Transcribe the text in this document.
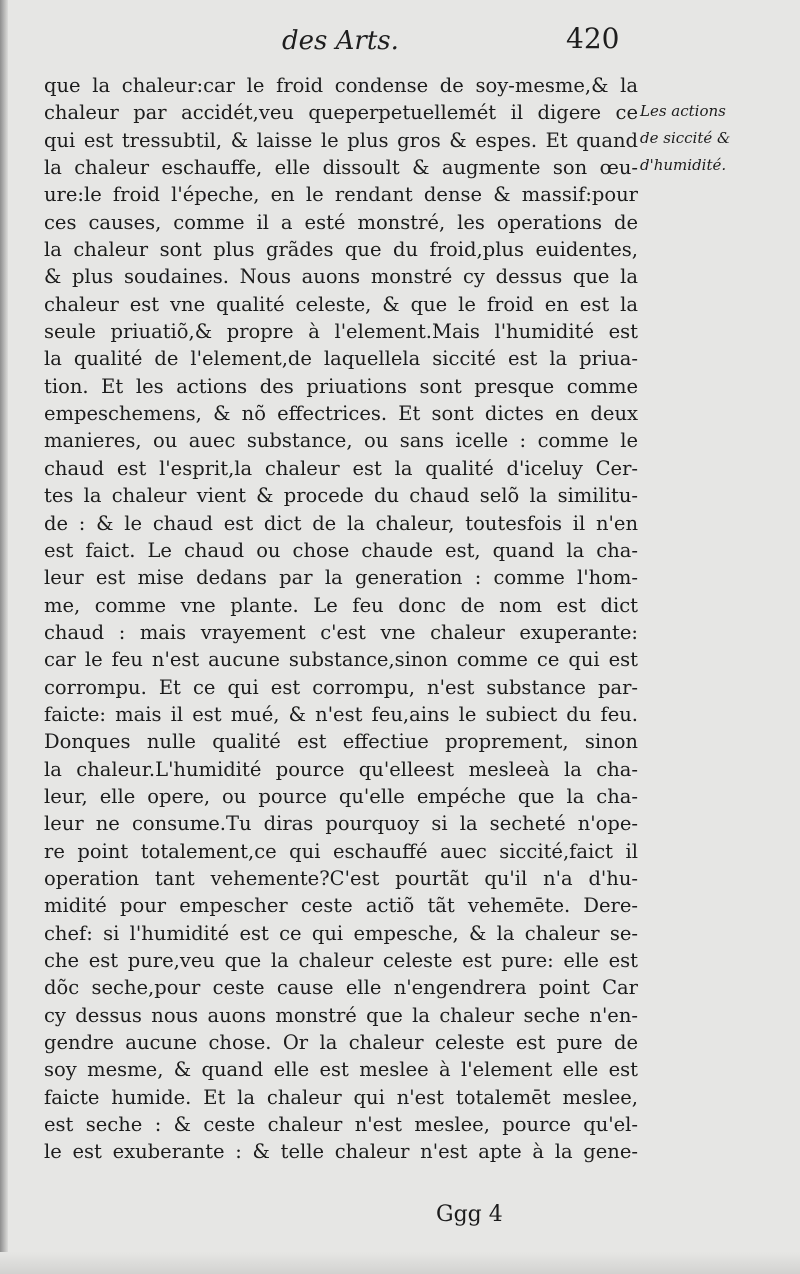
des Arts.	420
Les actions
de siccité &
d'humidité.
que la chaleur:car le froid condense de soy-mesme,& la
chaleur par accidét,veu queperpetuellemét il digere ce
qui est tressubtil, & laisse le plus gros & espes. Et quand
la chaleur eschauffe, elle dissoult & augmente son œu-
ure:le froid l'épeche, en le rendant dense & massif:pour
ces causes, comme il a esté monstré, les operations de
la chaleur sont plus grãdes que du froid,plus euidentes,
& plus soudaines. Nous auons monstré cy dessus que la
chaleur est vne qualité celeste, & que le froid en est la
seule priuatiõ,& propre à l'element.Mais l'humidité est
la qualité de l'element,de laquellela siccité est la priua-
tion. Et les actions des priuations sont presque comme
empeschemens, & nõ effectrices. Et sont dictes en deux
manieres, ou auec substance, ou sans icelle : comme le
chaud est l'esprit,la chaleur est la qualité d'iceluy Cer-
tes la chaleur vient & procede du chaud selõ la similitu-
de : & le chaud est dict de la chaleur, toutesfois il n'en
est faict. Le chaud ou chose chaude est, quand la cha-
leur est mise dedans par la generation : comme l'hom-
me, comme vne plante. Le feu donc de nom est dict
chaud : mais vrayement c'est vne chaleur exuperante:
car le feu n'est aucune substance,sinon comme ce qui est
corrompu. Et ce qui est corrompu, n'est substance par-
faicte: mais il est mué, & n'est feu,ains le subiect du feu.
Donques nulle qualité est effectiue proprement, sinon
la chaleur.L'humidité pource qu'elleest mesleeà la cha-
leur, elle opere, ou pource qu'elle empéche que la cha-
leur ne consume.Tu diras pourquoy si la secheté n'ope-
re point totalement,ce qui eschauffé auec siccité,faict il
operation tant vehemente?C'est pourtãt qu'il n'a d'hu-
midité pour empescher ceste actiõ tãt vehemēte. Dere-
chef: si l'humidité est ce qui empesche, & la chaleur se-
che est pure,veu que la chaleur celeste est pure: elle est
dõc seche,pour ceste cause elle n'engendrera point Car
cy dessus nous auons monstré que la chaleur seche n'en-
gendre aucune chose. Or la chaleur celeste est pure de
soy mesme, & quand elle est meslee à l'element elle est
faicte humide. Et la chaleur qui n'est totalemēt meslee,
est seche : & ceste chaleur n'est meslee, pource qu'el-
le est exuberante : & telle chaleur n'est apte à la gene-
Ggg 4
